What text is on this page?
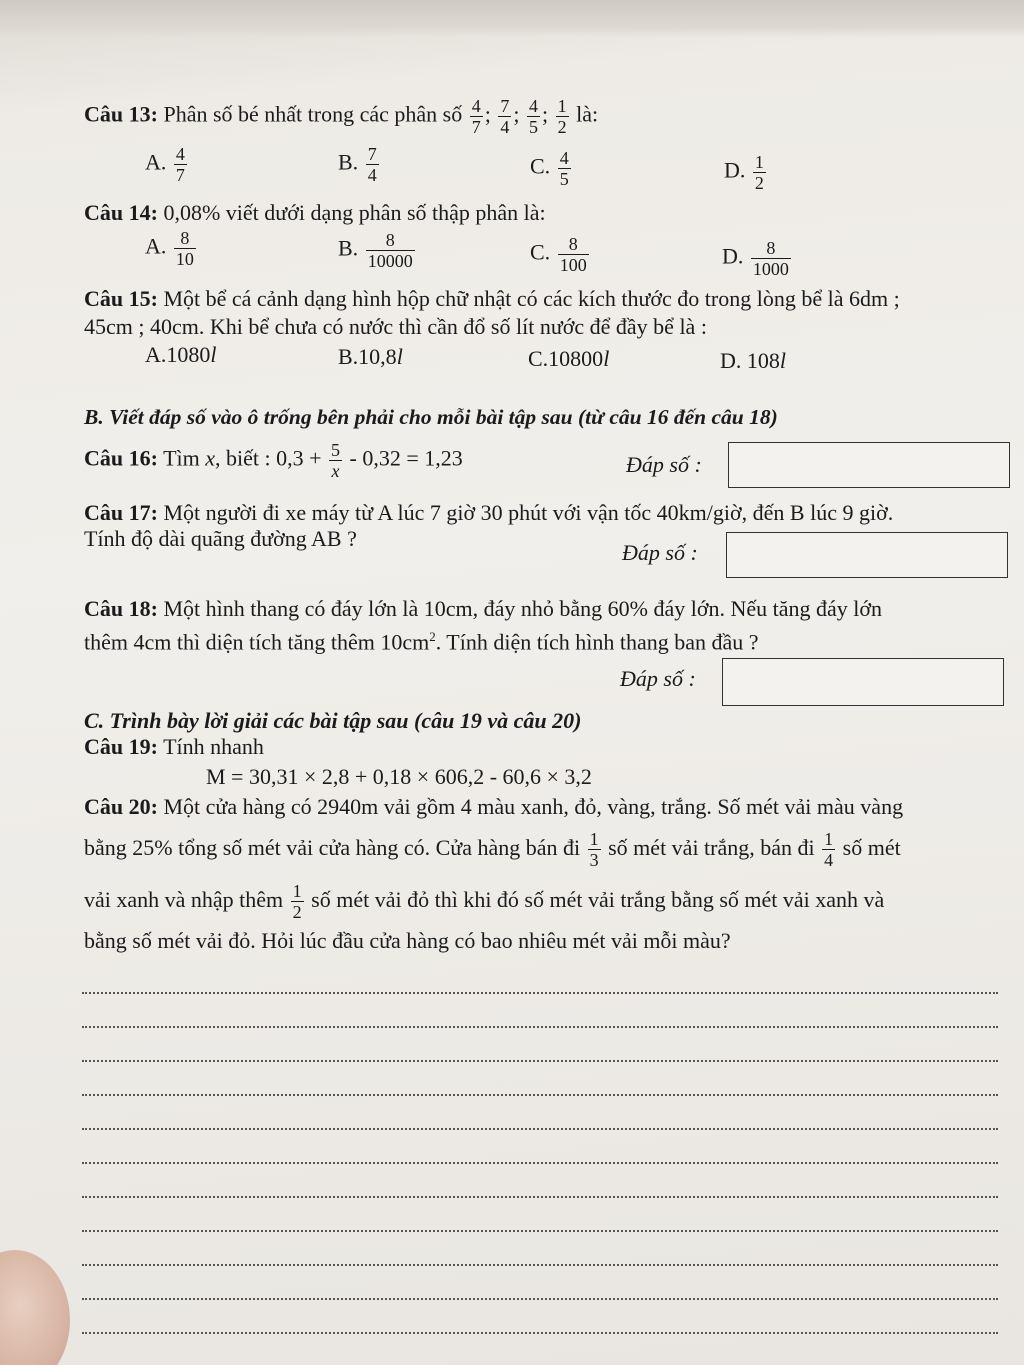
Câu 13: Phân số bé nhất trong các phân số $\frac{4}{7}$ ; $\frac{7}{4}$ ; $\frac{4}{5}$ ; $\frac{1}{2}$ là:
A. $\frac{4}{7}$	B. $\frac{7}{4}$	C. $\frac{4}{5}$	D. $\frac{1}{2}$
Câu 14: 0,08% viết dưới dạng phân số thập phân là:
A. $\frac{8}{10}$	B. $\frac{8}{10000}$	C. $\frac{8}{100}$	D. $\frac{8}{1000}$
Câu 15: Một bể cá cảnh dạng hình hộp chữ nhật có các kích thước đo trong lòng bể là 6dm ;
45cm ; 40cm. Khi bể chưa có nước thì cần đổ số lít nước để đầy bể là :
A.1080l	B.10,8l	C.10800l	D. 108l
B. Viết đáp số vào ô trống bên phải cho mỗi bài tập sau (từ câu 16 đến câu 18)
Câu 16: Tìm x, biết : $0,3 + \frac{5}{x} - 0,32 = 1,23$	Đáp số :
Câu 17: Một người đi xe máy từ A lúc 7 giờ 30 phút với vận tốc 40km/giờ, đến B lúc 9 giờ.
Tính độ dài quãng đường AB ?
Đáp số :
Câu 18: Một hình thang có đáy lớn là 10cm, đáy nhỏ bằng 60% đáy lớn. Nếu tăng đáy lớn
thêm 4cm thì diện tích tăng thêm $10cm^2$. Tính diện tích hình thang ban đầu ?
Đáp số :
C. Trình bày lời giải các bài tập sau (câu 19 và câu 20)
Câu 19: Tính nhanh
M = 30,31 × 2,8 + 0,18 × 606,2 - 60,6 × 3,2
Câu 20: Một cửa hàng có 2940m vải gồm 4 màu xanh, đỏ, vàng, trắng. Số mét vải màu vàng
bằng 25% tổng số mét vải cửa hàng có. Cửa hàng bán đi $\frac{1}{3}$ số mét vải trắng, bán đi $\frac{1}{4}$ số mét
vải xanh và nhập thêm $\frac{1}{2}$ số mét vải đỏ thì khi đó số mét vải trắng bằng số mét vải xanh và
bằng số mét vải đỏ. Hỏi lúc đầu cửa hàng có bao nhiêu mét vải mỗi màu?
